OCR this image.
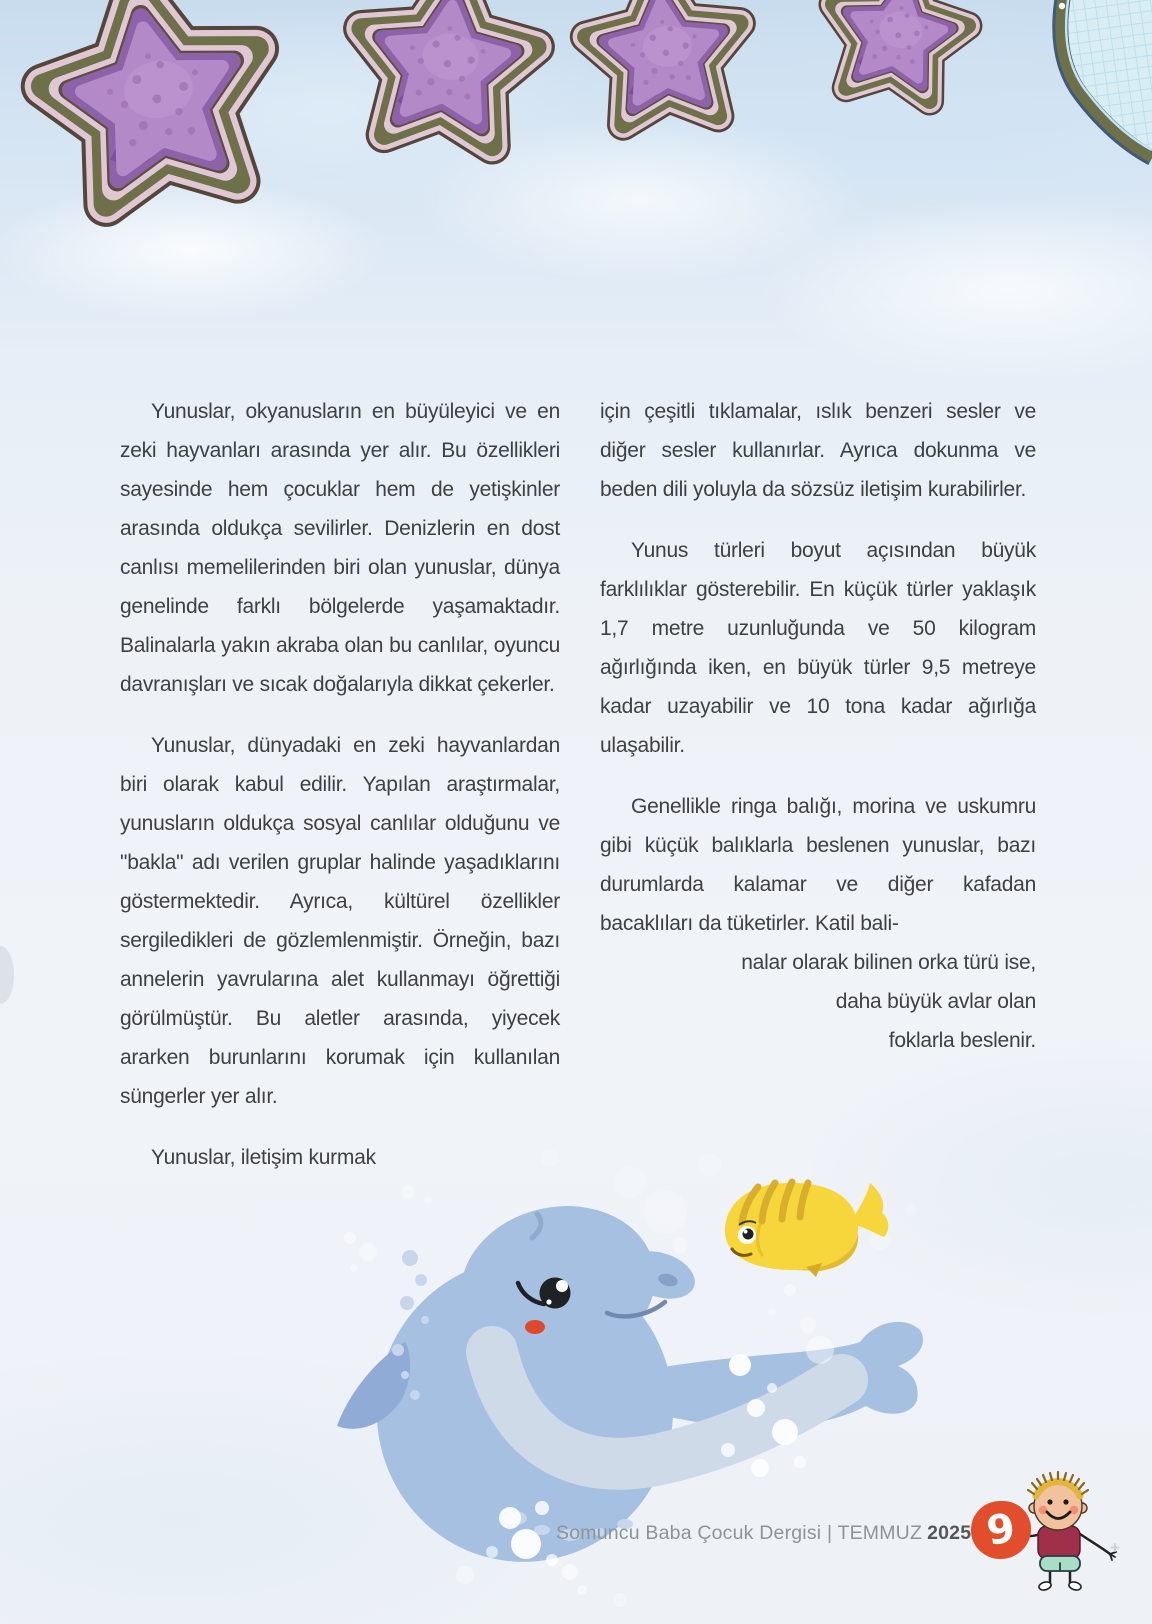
Yunuslar, okyanusların en büyüleyici ve en zeki hayvanları arasında yer alır. Bu özellikleri sayesinde hem çocuklar hem de yetişkinler arasında oldukça sevilirler. Denizlerin en dost canlısı memelilerinden biri olan yunuslar, dünya genelinde farklı bölgelerde yaşamaktadır. Balinalarla yakın akraba olan bu canlılar, oyuncu davranışları ve sıcak doğalarıyla dikkat çekerler.

Yunuslar, dünyadaki en zeki hayvanlardan biri olarak kabul edilir. Yapılan araştırmalar, yunusların oldukça sosyal canlılar olduğunu ve "bakla" adı verilen gruplar halinde yaşadıklarını göstermektedir. Ayrıca, kültürel özellikler sergiledikleri de gözlemlenmiştir. Örneğin, bazı annelerin yavrularına alet kullanmayı öğrettiği görülmüştür. Bu aletler arasında, yiyecek ararken burunlarını korumak için kullanılan süngerler yer alır.

Yunuslar, iletişim kurmak

için çeşitli tıklamalar, ıslık benzeri sesler ve diğer sesler kullanırlar. Ayrıca dokunma ve beden dili yoluyla da sözsüz iletişim kurabilirler.

Yunus türleri boyut açısından büyük farklılıklar gösterebilir. En küçük türler yaklaşık 1,7 metre uzunluğunda ve 50 kilogram ağırlığında iken, en büyük türler 9,5 metreye kadar uzayabilir ve 10 tona kadar ağırlığa ulaşabilir.

Genellikle ringa balığı, morina ve uskumru gibi küçük balıklarla beslenen yunuslar, bazı durumlarda kalamar ve diğer kafadan bacaklıları da tüketirler. Katil bali-

nalar olarak bilinen orka türü ise,
daha büyük avlar olan
foklarla beslenir.
Somuncu Baba Çocuk Dergisi | TEMMUZ 2025 9
